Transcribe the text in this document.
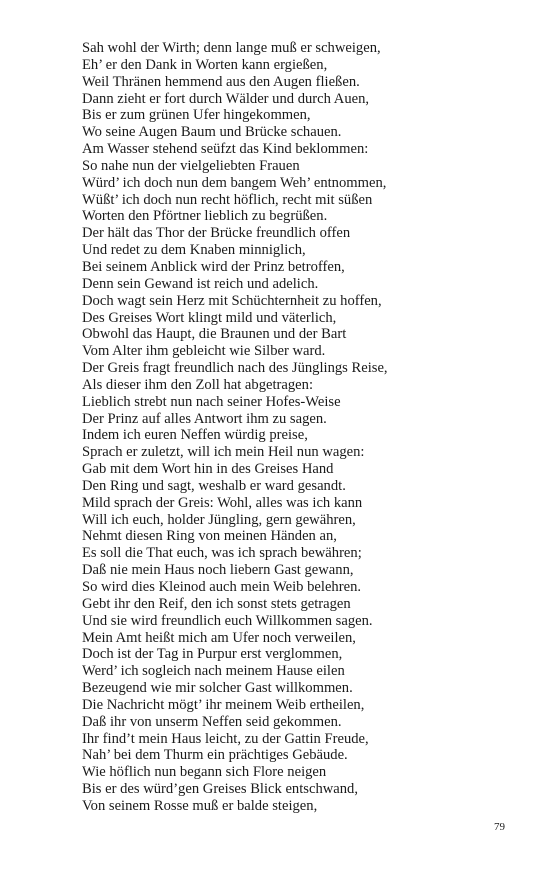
Sah wohl der Wirth; denn lange muß er schweigen,
Eh’ er den Dank in Worten kann ergießen,
Weil Thränen hemmend aus den Augen fließen.
Dann zieht er fort durch Wälder und durch Auen,
Bis er zum grünen Ufer hingekommen,
Wo seine Augen Baum und Brücke schauen.
Am Wasser stehend seüfzt das Kind beklommen:
So nahe nun der vielgeliebten Frauen
Würd’ ich doch nun dem bangem Weh’ entnommen,
Wüßt’ ich doch nun recht höflich, recht mit süßen
Worten den Pförtner lieblich zu begrüßen.
Der hält das Thor der Brücke freundlich offen
Und redet zu dem Knaben minniglich,
Bei seinem Anblick wird der Prinz betroffen,
Denn sein Gewand ist reich und adelich.
Doch wagt sein Herz mit Schüchternheit zu hoffen,
Des Greises Wort klingt mild und väterlich,
Obwohl das Haupt, die Braunen und der Bart
Vom Alter ihm gebleicht wie Silber ward.
Der Greis fragt freundlich nach des Jünglings Reise,
Als dieser ihm den Zoll hat abgetragen:
Lieblich strebt nun nach seiner Hofes-Weise
Der Prinz auf alles Antwort ihm zu sagen.
Indem ich euren Neffen würdig preise,
Sprach er zuletzt, will ich mein Heil nun wagen:
Gab mit dem Wort hin in des Greises Hand
Den Ring und sagt, weshalb er ward gesandt.
Mild sprach der Greis: Wohl, alles was ich kann
Will ich euch, holder Jüngling, gern gewähren,
Nehmt diesen Ring von meinen Händen an,
Es soll die That euch, was ich sprach bewähren;
Daß nie mein Haus noch liebern Gast gewann,
So wird dies Kleinod auch mein Weib belehren.
Gebt ihr den Reif, den ich sonst stets getragen
Und sie wird freundlich euch Willkommen sagen.
Mein Amt heißt mich am Ufer noch verweilen,
Doch ist der Tag in Purpur erst verglommen,
Werd’ ich sogleich nach meinem Hause eilen
Bezeugend wie mir solcher Gast willkommen.
Die Nachricht mögt’ ihr meinem Weib ertheilen,
Daß ihr von unserm Neffen seid gekommen.
Ihr find’t mein Haus leicht, zu der Gattin Freude,
Nah’ bei dem Thurm ein prächtiges Gebäude.
Wie höflich nun begann sich Flore neigen
Bis er des würd’gen Greises Blick entschwand,
Von seinem Rosse muß er balde steigen,
79
